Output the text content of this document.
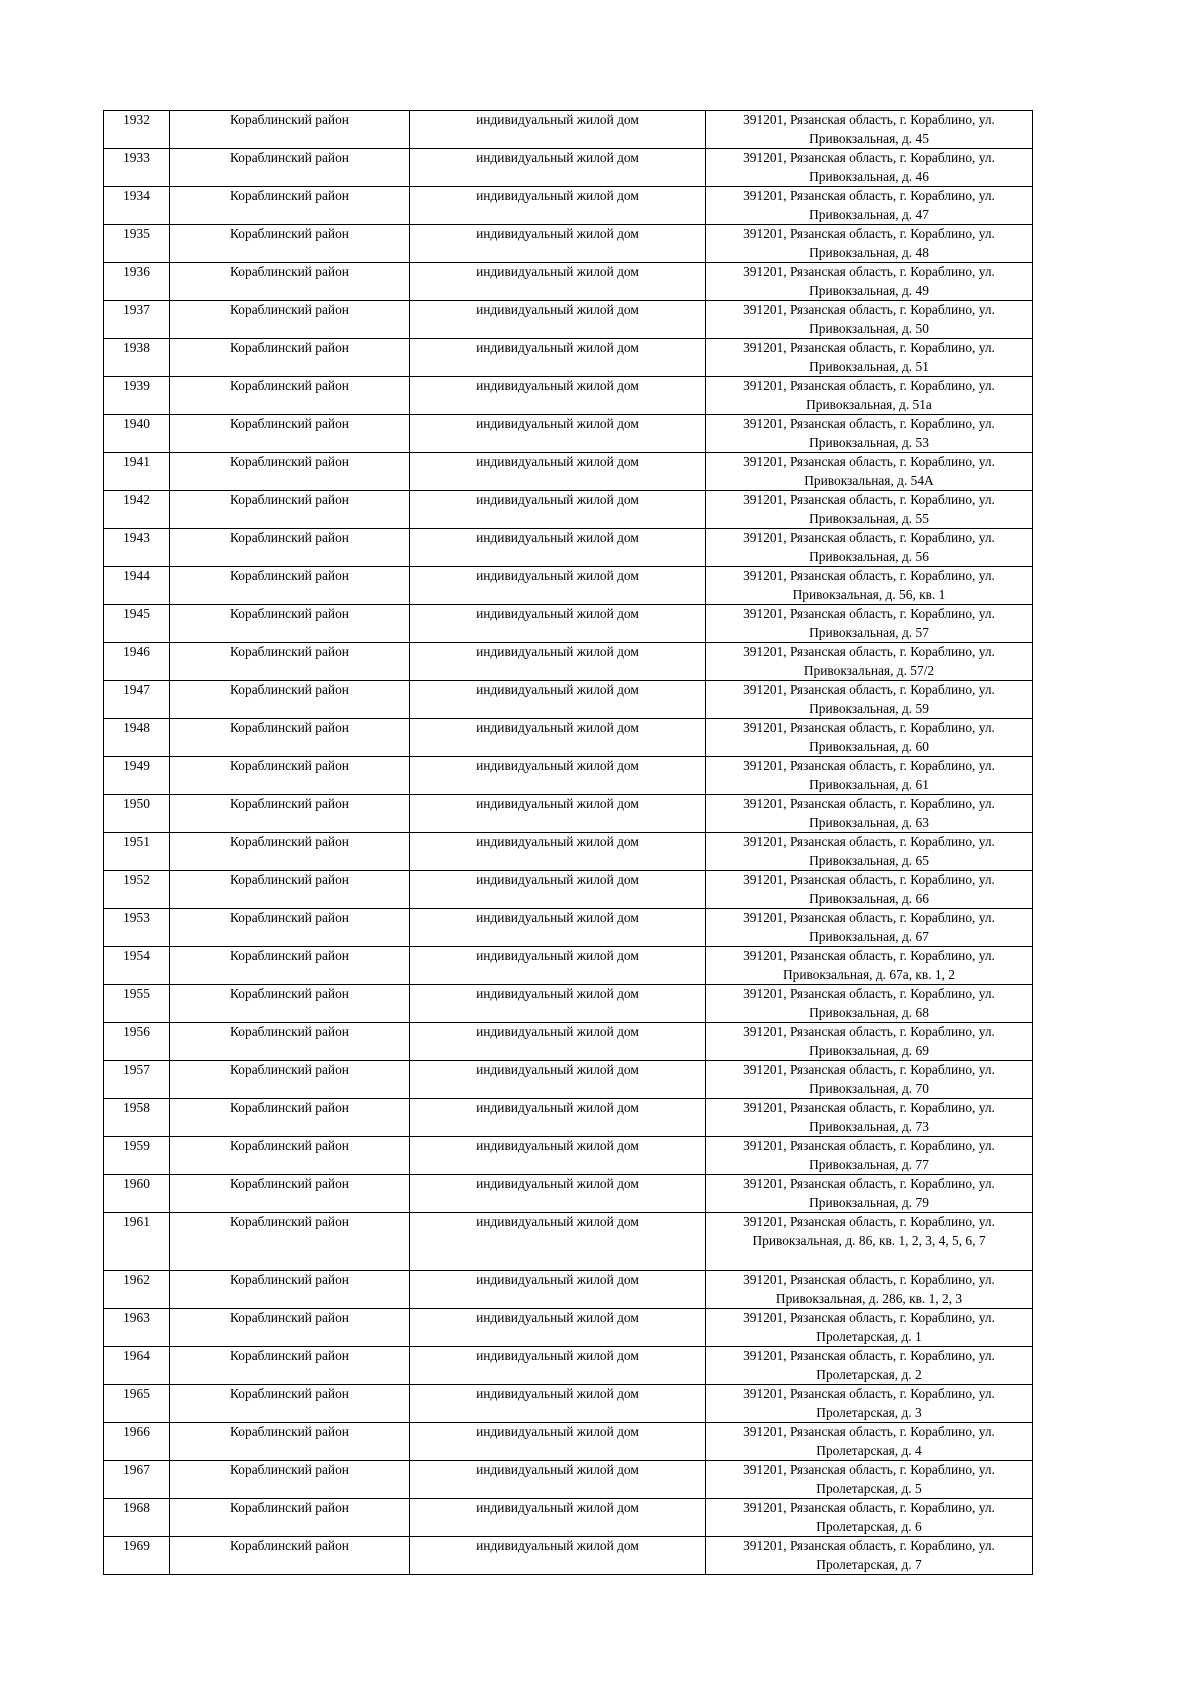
1932	Кораблинский район	индивидуальный жилой дом	391201, Рязанская область, г. Кораблино, ул. Привокзальная, д. 45
1933	Кораблинский район	индивидуальный жилой дом	391201, Рязанская область, г. Кораблино, ул. Привокзальная, д. 46
1934	Кораблинский район	индивидуальный жилой дом	391201, Рязанская область, г. Кораблино, ул. Привокзальная, д. 47
1935	Кораблинский район	индивидуальный жилой дом	391201, Рязанская область, г. Кораблино, ул. Привокзальная, д. 48
1936	Кораблинский район	индивидуальный жилой дом	391201, Рязанская область, г. Кораблино, ул. Привокзальная, д. 49
1937	Кораблинский район	индивидуальный жилой дом	391201, Рязанская область, г. Кораблино, ул. Привокзальная, д. 50
1938	Кораблинский район	индивидуальный жилой дом	391201, Рязанская область, г. Кораблино, ул. Привокзальная, д. 51
1939	Кораблинский район	индивидуальный жилой дом	391201, Рязанская область, г. Кораблино, ул. Привокзальная, д. 51а
1940	Кораблинский район	индивидуальный жилой дом	391201, Рязанская область, г. Кораблино, ул. Привокзальная, д. 53
1941	Кораблинский район	индивидуальный жилой дом	391201, Рязанская область, г. Кораблино, ул. Привокзальная, д. 54А
1942	Кораблинский район	индивидуальный жилой дом	391201, Рязанская область, г. Кораблино, ул. Привокзальная, д. 55
1943	Кораблинский район	индивидуальный жилой дом	391201, Рязанская область, г. Кораблино, ул. Привокзальная, д. 56
1944	Кораблинский район	индивидуальный жилой дом	391201, Рязанская область, г. Кораблино, ул. Привокзальная, д. 56, кв. 1
1945	Кораблинский район	индивидуальный жилой дом	391201, Рязанская область, г. Кораблино, ул. Привокзальная, д. 57
1946	Кораблинский район	индивидуальный жилой дом	391201, Рязанская область, г. Кораблино, ул. Привокзальная, д. 57/2
1947	Кораблинский район	индивидуальный жилой дом	391201, Рязанская область, г. Кораблино, ул. Привокзальная, д. 59
1948	Кораблинский район	индивидуальный жилой дом	391201, Рязанская область, г. Кораблино, ул. Привокзальная, д. 60
1949	Кораблинский район	индивидуальный жилой дом	391201, Рязанская область, г. Кораблино, ул. Привокзальная, д. 61
1950	Кораблинский район	индивидуальный жилой дом	391201, Рязанская область, г. Кораблино, ул. Привокзальная, д. 63
1951	Кораблинский район	индивидуальный жилой дом	391201, Рязанская область, г. Кораблино, ул. Привокзальная, д. 65
1952	Кораблинский район	индивидуальный жилой дом	391201, Рязанская область, г. Кораблино, ул. Привокзальная, д. 66
1953	Кораблинский район	индивидуальный жилой дом	391201, Рязанская область, г. Кораблино, ул. Привокзальная, д. 67
1954	Кораблинский район	индивидуальный жилой дом	391201, Рязанская область, г. Кораблино, ул. Привокзальная, д. 67а, кв. 1, 2
1955	Кораблинский район	индивидуальный жилой дом	391201, Рязанская область, г. Кораблино, ул. Привокзальная, д. 68
1956	Кораблинский район	индивидуальный жилой дом	391201, Рязанская область, г. Кораблино, ул. Привокзальная, д. 69
1957	Кораблинский район	индивидуальный жилой дом	391201, Рязанская область, г. Кораблино, ул. Привокзальная, д. 70
1958	Кораблинский район	индивидуальный жилой дом	391201, Рязанская область, г. Кораблино, ул. Привокзальная, д. 73
1959	Кораблинский район	индивидуальный жилой дом	391201, Рязанская область, г. Кораблино, ул. Привокзальная, д. 77
1960	Кораблинский район	индивидуальный жилой дом	391201, Рязанская область, г. Кораблино, ул. Привокзальная, д. 79
1961	Кораблинский район	индивидуальный жилой дом	391201, Рязанская область, г. Кораблино, ул. Привокзальная, д. 86, кв. 1, 2, 3, 4, 5, 6, 7
1962	Кораблинский район	индивидуальный жилой дом	391201, Рязанская область, г. Кораблино, ул. Привокзальная, д. 286, кв. 1, 2, 3
1963	Кораблинский район	индивидуальный жилой дом	391201, Рязанская область, г. Кораблино, ул. Пролетарская, д. 1
1964	Кораблинский район	индивидуальный жилой дом	391201, Рязанская область, г. Кораблино, ул. Пролетарская, д. 2
1965	Кораблинский район	индивидуальный жилой дом	391201, Рязанская область, г. Кораблино, ул. Пролетарская, д. 3
1966	Кораблинский район	индивидуальный жилой дом	391201, Рязанская область, г. Кораблино, ул. Пролетарская, д. 4
1967	Кораблинский район	индивидуальный жилой дом	391201, Рязанская область, г. Кораблино, ул. Пролетарская, д. 5
1968	Кораблинский район	индивидуальный жилой дом	391201, Рязанская область, г. Кораблино, ул. Пролетарская, д. 6
1969	Кораблинский район	индивидуальный жилой дом	391201, Рязанская область, г. Кораблино, ул. Пролетарская, д. 7
